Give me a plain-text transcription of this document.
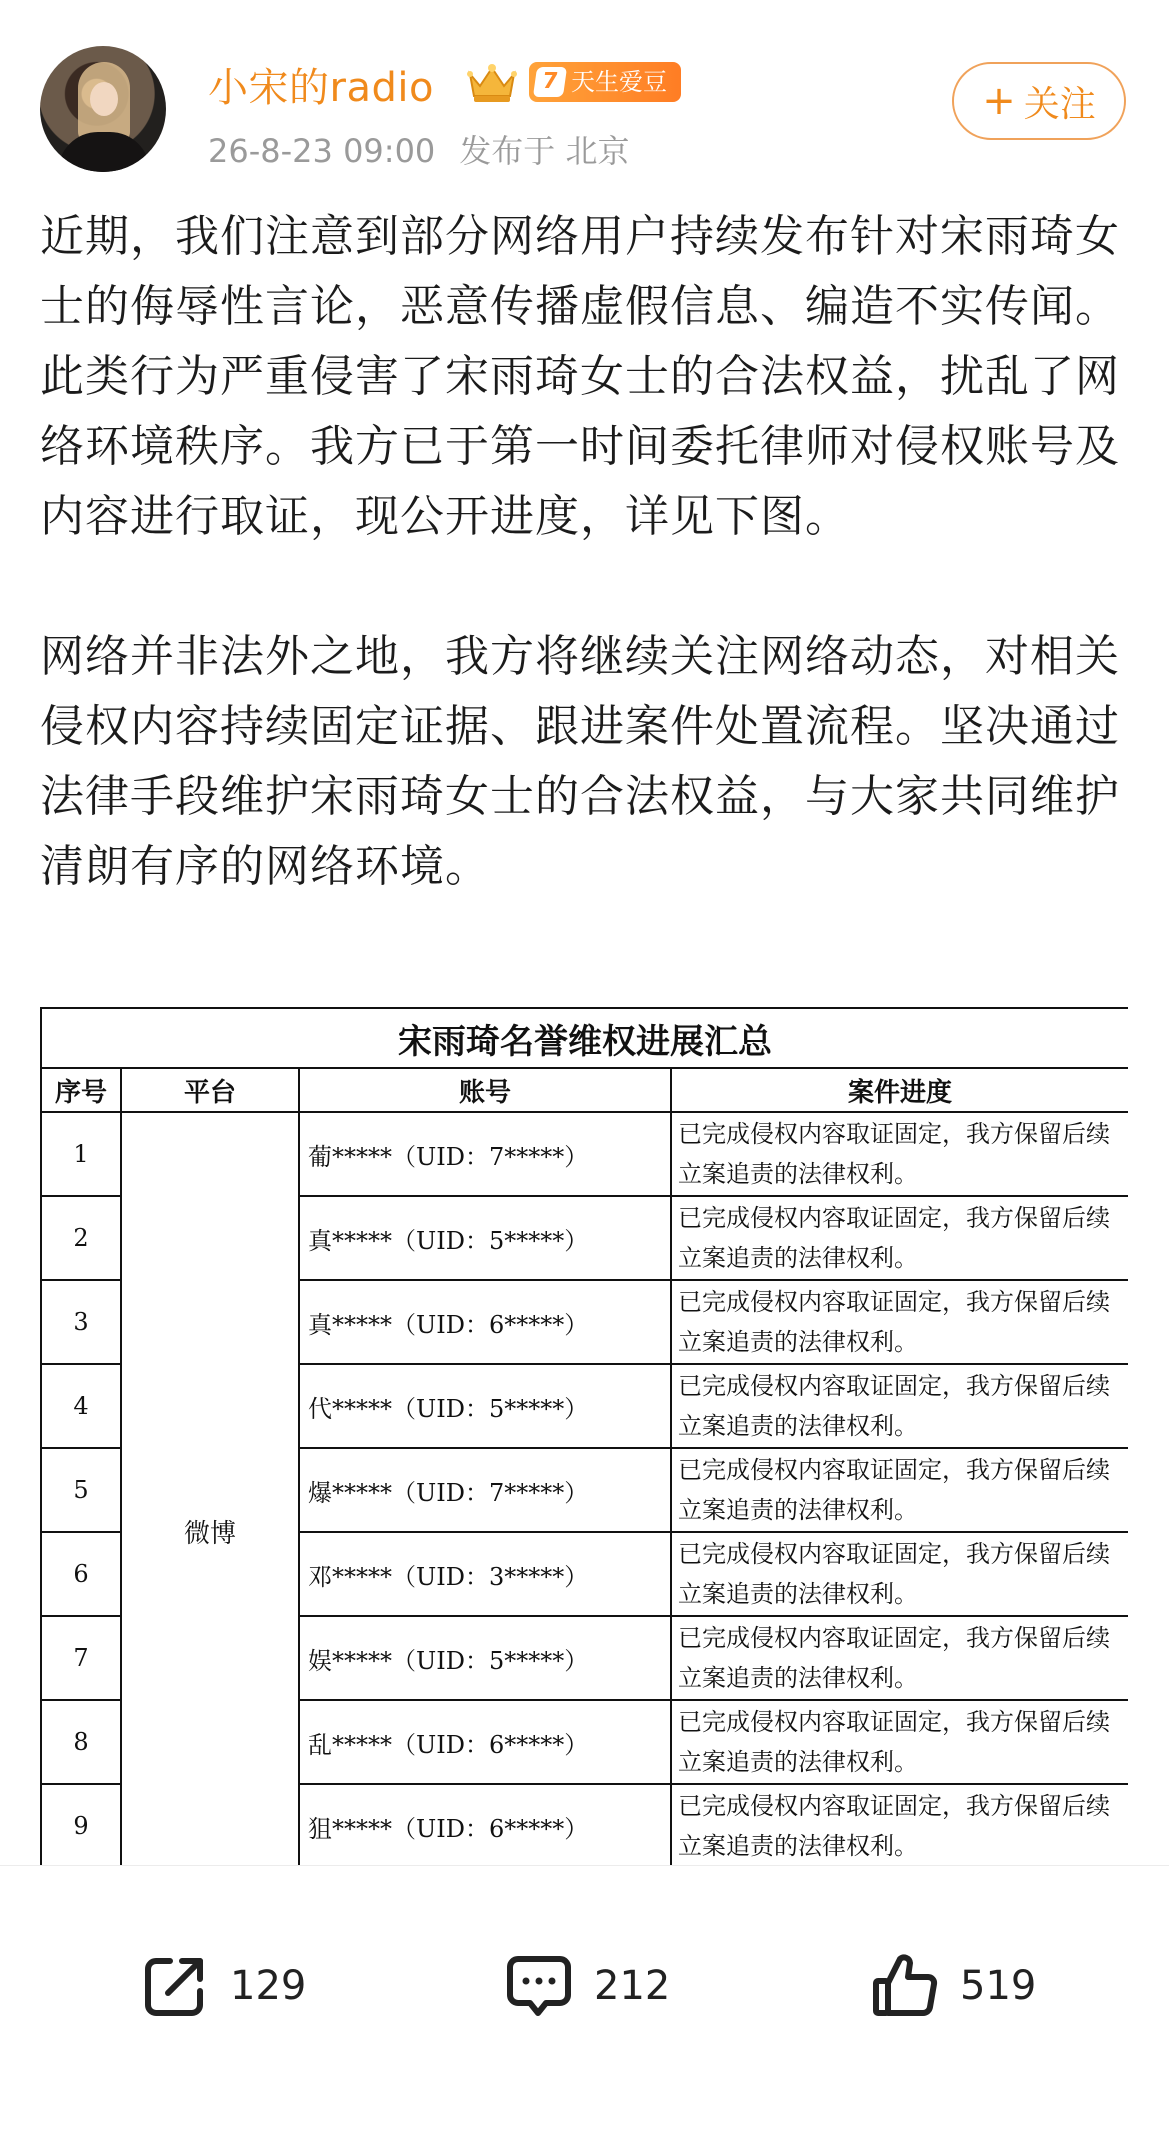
小宋的radio	7 天生爱豆
26-8-23 09:00 发布于 北京
+ 关注

近期，我们注意到部分网络用户持续发布针对宋雨琦女士的侮辱性言论，恶意传播虚假信息、编造不实传闻。此类行为严重侵害了宋雨琦女士的合法权益，扰乱了网络环境秩序。我方已于第一时间委托律师对侵权账号及内容进行取证，现公开进度，详见下图。

网络并非法外之地，我方将继续关注网络动态，对相关侵权内容持续固定证据、跟进案件处置流程。坚决通过法律手段维护宋雨琦女士的合法权益，与大家共同维护清朗有序的网络环境。

宋雨琦名誉维权进展汇总			
序号	平台	账号	案件进度
1	微博	葡*****（UID：7*****）	已完成侵权内容取证固定，我方保留后续立案追责的法律权利。
2		真*****（UID：5*****）	已完成侵权内容取证固定，我方保留后续立案追责的法律权利。
3		真*****（UID：6*****）	已完成侵权内容取证固定，我方保留后续立案追责的法律权利。
4		代*****（UID：5*****）	已完成侵权内容取证固定，我方保留后续立案追责的法律权利。
5		爆*****（UID：7*****）	已完成侵权内容取证固定，我方保留后续立案追责的法律权利。
6		邓*****（UID：3*****）	已完成侵权内容取证固定，我方保留后续立案追责的法律权利。
7		娱*****（UID：5*****）	已完成侵权内容取证固定，我方保留后续立案追责的法律权利。
8		乱*****（UID：6*****）	已完成侵权内容取证固定，我方保留后续立案追责的法律权利。
9		狙*****（UID：6*****）	已完成侵权内容取证固定，我方保留后续立案追责的法律权利。

129	212	519
